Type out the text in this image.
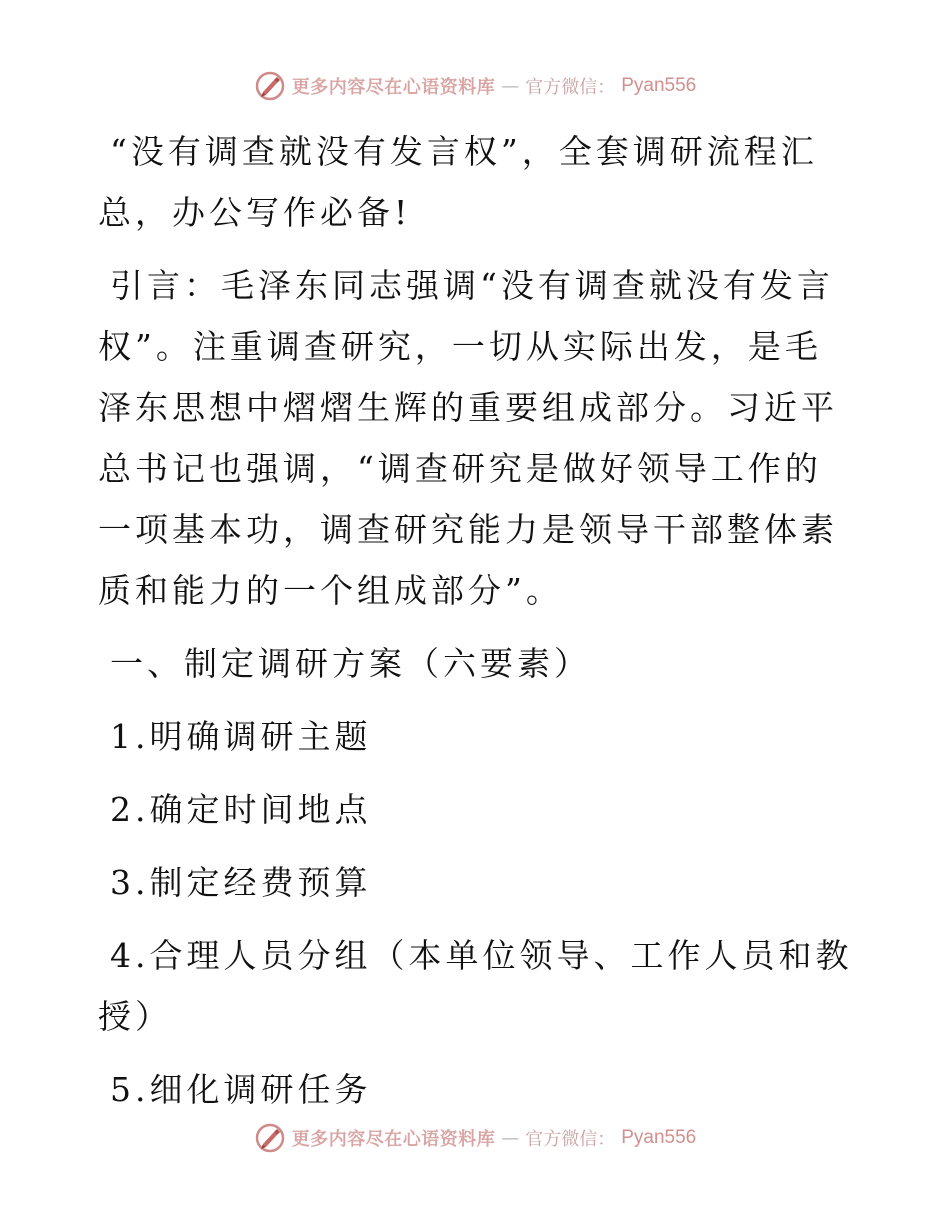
更多内容尽在心语资料库 — 官方微信： Pyan556

“没有调查就没有发言权”，全套调研流程汇总，办公写作必备!

引言：毛泽东同志强调“没有调查就没有发言权”。注重调查研究，一切从实际出发，是毛泽东思想中熠熠生辉的重要组成部分。习近平总书记也强调，“调查研究是做好领导工作的一项基本功，调查研究能力是领导干部整体素质和能力的一个组成部分”。

一、制定调研方案（六要素）

1.明确调研主题

2.确定时间地点

3.制定经费预算

4.合理人员分组（本单位领导、工作人员和教授）

5.细化调研任务

更多内容尽在心语资料库 — 官方微信： Pyan556
